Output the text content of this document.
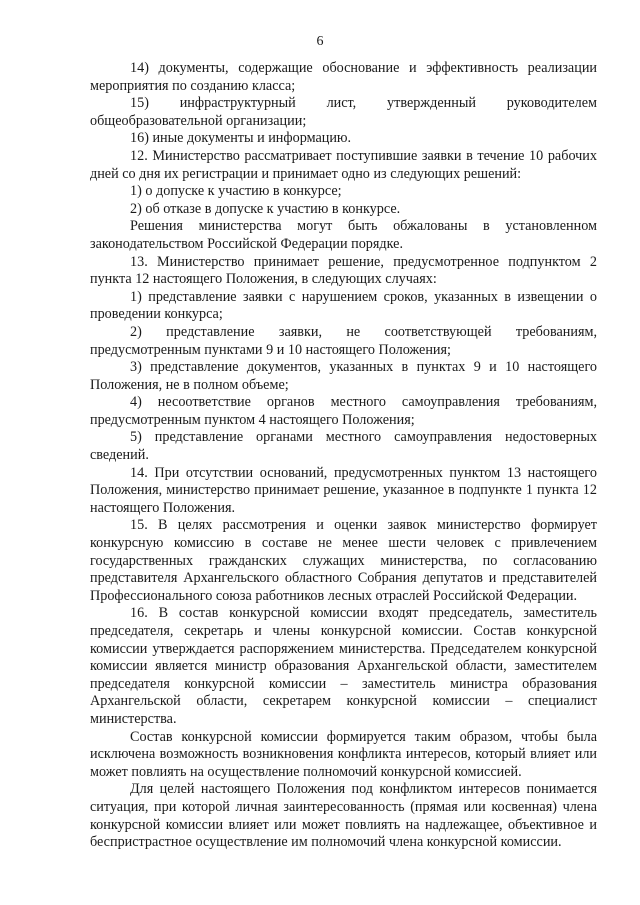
6

14) документы, содержащие обоснование и эффективность реализации мероприятия по созданию класса;

15) инфраструктурный лист, утвержденный руководителем общеобразовательной организации;

16) иные документы и информацию.

12. Министерство рассматривает поступившие заявки в течение 10 рабочих дней со дня их регистрации и принимает одно из следующих решений:

1) о допуске к участию в конкурсе;

2) об отказе в допуске к участию в конкурсе.

Решения министерства могут быть обжалованы в установленном законодательством Российской Федерации порядке.

13. Министерство принимает решение, предусмотренное подпунктом 2 пункта 12 настоящего Положения, в следующих случаях:

1) представление заявки с нарушением сроков, указанных в извещении о проведении конкурса;

2) представление заявки, не соответствующей требованиям, предусмотренным пунктами 9 и 10 настоящего Положения;

3) представление документов, указанных в пунктах 9 и 10 настоящего Положения, не в полном объеме;

4) несоответствие органов местного самоуправления требованиям, предусмотренным пунктом 4 настоящего Положения;

5) представление органами местного самоуправления недостоверных сведений.

14. При отсутствии оснований, предусмотренных пунктом 13 настоящего Положения, министерство принимает решение, указанное в подпункте 1 пункта 12 настоящего Положения.

15. В целях рассмотрения и оценки заявок министерство формирует конкурсную комиссию в составе не менее шести человек с привлечением государственных гражданских служащих министерства, по согласованию представителя Архангельского областного Собрания депутатов и представителей Профессионального союза работников лесных отраслей Российской Федерации.

16. В состав конкурсной комиссии входят председатель, заместитель председателя, секретарь и члены конкурсной комиссии. Состав конкурсной комиссии утверждается распоряжением министерства. Председателем конкурсной комиссии является министр образования Архангельской области, заместителем председателя конкурсной комиссии – заместитель министра образования Архангельской области, секретарем конкурсной комиссии – специалист министерства.

Состав конкурсной комиссии формируется таким образом, чтобы была исключена возможность возникновения конфликта интересов, который влияет или может повлиять на осуществление полномочий конкурсной комиссией.

Для целей настоящего Положения под конфликтом интересов понимается ситуация, при которой личная заинтересованность (прямая или косвенная) члена конкурсной комиссии влияет или может повлиять на надлежащее, объективное и беспристрастное осуществление им полномочий члена конкурсной комиссии.
